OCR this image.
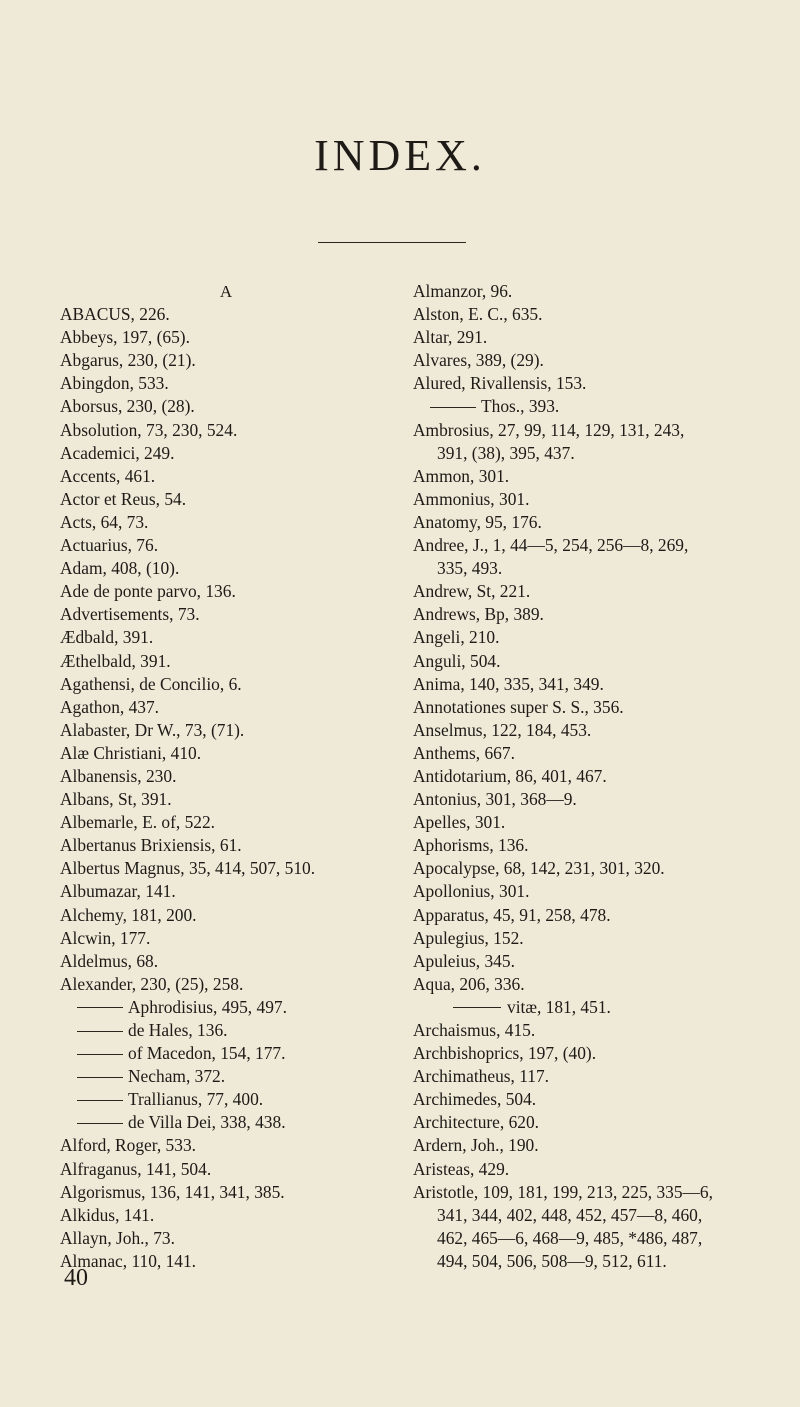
INDEX.
A
ABACUS, 226.
Abbeys, 197, (65).
Abgarus, 230, (21).
Abingdon, 533.
Aborsus, 230, (28).
Absolution, 73, 230, 524.
Academici, 249.
Accents, 461.
Actor et Reus, 54.
Acts, 64, 73.
Actuarius, 76.
Adam, 408, (10).
Ade de ponte parvo, 136.
Advertisements, 73.
Ædbald, 391.
Æthelbald, 391.
Agathensi, de Concilio, 6.
Agathon, 437.
Alabaster, Dr W., 73, (71).
Alæ Christiani, 410.
Albanensis, 230.
Albans, St, 391.
Albemarle, E. of, 522.
Albertanus Brixiensis, 61.
Albertus Magnus, 35, 414, 507, 510.
Albumazar, 141.
Alchemy, 181, 200.
Alcwin, 177.
Aldelmus, 68.
Alexander, 230, (25), 258.
Aphrodisius, 495, 497.
de Hales, 136.
of Macedon, 154, 177.
Necham, 372.
Trallianus, 77, 400.
de Villa Dei, 338, 438.
Alford, Roger, 533.
Alfraganus, 141, 504.
Algorismus, 136, 141, 341, 385.
Alkidus, 141.
Allayn, Joh., 73.
Almanac, 110, 141.
Almanzor, 96.
Alston, E. C., 635.
Altar, 291.
Alvares, 389, (29).
Alured, Rivallensis, 153.
Thos., 393.
Ambrosius, 27, 99, 114, 129, 131, 243,
391, (38), 395, 437.
Ammon, 301.
Ammonius, 301.
Anatomy, 95, 176.
Andree, J., 1, 44—5, 254, 256—8, 269,
335, 493.
Andrew, St, 221.
Andrews, Bp, 389.
Angeli, 210.
Anguli, 504.
Anima, 140, 335, 341, 349.
Annotationes super S. S., 356.
Anselmus, 122, 184, 453.
Anthems, 667.
Antidotarium, 86, 401, 467.
Antonius, 301, 368—9.
Apelles, 301.
Aphorisms, 136.
Apocalypse, 68, 142, 231, 301, 320.
Apollonius, 301.
Apparatus, 45, 91, 258, 478.
Apulegius, 152.
Apuleius, 345.
Aqua, 206, 336.
vitæ, 181, 451.
Archaismus, 415.
Archbishoprics, 197, (40).
Archimatheus, 117.
Archimedes, 504.
Architecture, 620.
Ardern, Joh., 190.
Aristeas, 429.
Aristotle, 109, 181, 199, 213, 225, 335—6,
341, 344, 402, 448, 452, 457—8, 460,
462, 465—6, 468—9, 485, *486, 487,
494, 504, 506, 508—9, 512, 611.
40
